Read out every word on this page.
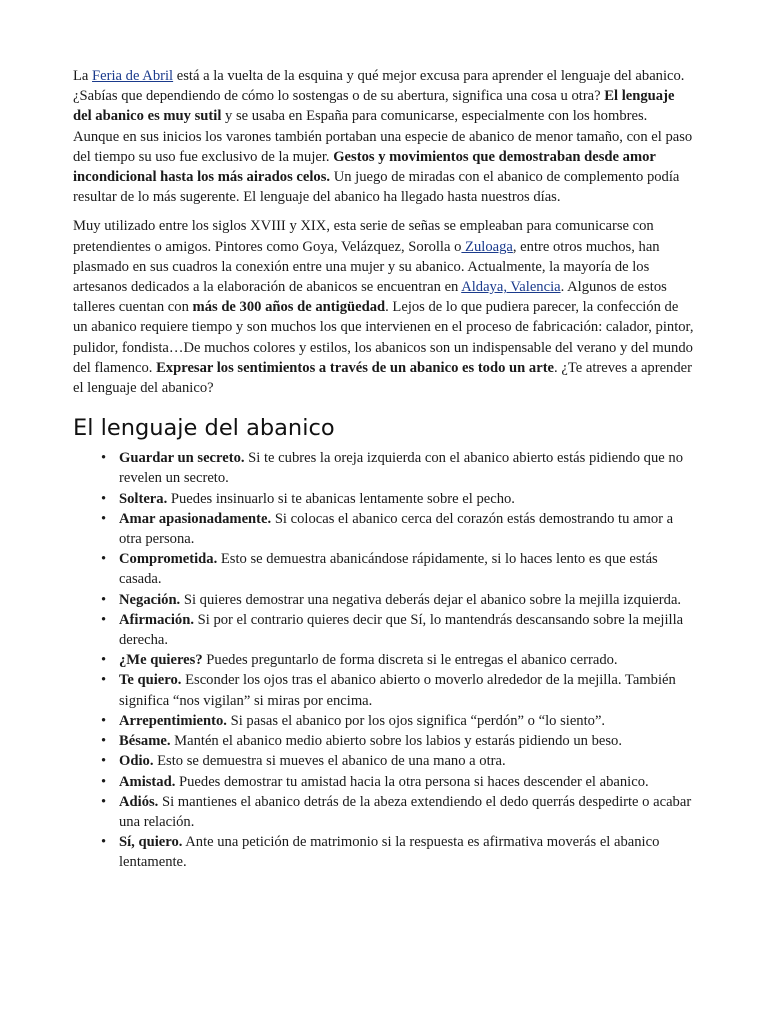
La Feria de Abril está a la vuelta de la esquina y qué mejor excusa para aprender el lenguaje del abanico. ¿Sabías que dependiendo de cómo lo sostengas o de su abertura, significa una cosa u otra? El lenguaje del abanico es muy sutil y se usaba en España para comunicarse, especialmente con los hombres. Aunque en sus inicios los varones también portaban una especie de abanico de menor tamaño, con el paso del tiempo su uso fue exclusivo de la mujer. Gestos y movimientos que demostraban desde amor incondicional hasta los más airados celos. Un juego de miradas con el abanico de complemento podía resultar de lo más sugerente. El lenguaje del abanico ha llegado hasta nuestros días.

Muy utilizado entre los siglos XVIII y XIX, esta serie de señas se empleaban para comunicarse con pretendientes o amigos. Pintores como Goya, Velázquez, Sorolla o Zuloaga, entre otros muchos, han plasmado en sus cuadros la conexión entre una mujer y su abanico. Actualmente, la mayoría de los artesanos dedicados a la elaboración de abanicos se encuentran en Aldaya, Valencia. Algunos de estos talleres cuentan con más de 300 años de antigüedad. Lejos de lo que pudiera parecer, la confección de un abanico requiere tiempo y son muchos los que intervienen en el proceso de fabricación: calador, pintor, pulidor, fondista…De muchos colores y estilos, los abanicos son un indispensable del verano y del mundo del flamenco. Expresar los sentimientos a través de un abanico es todo un arte. ¿Te atreves a aprender el lenguaje del abanico?

El lenguaje del abanico
• Guardar un secreto. Si te cubres la oreja izquierda con el abanico abierto estás pidiendo que no revelen un secreto.
• Soltera. Puedes insinuarlo si te abanicas lentamente sobre el pecho.
• Amar apasionadamente. Si colocas el abanico cerca del corazón estás demostrando tu amor a otra persona.
• Comprometida. Esto se demuestra abanicándose rápidamente, si lo haces lento es que estás casada.
• Negación. Si quieres demostrar una negativa deberás dejar el abanico sobre la mejilla izquierda.
• Afirmación. Si por el contrario quieres decir que Sí, lo mantendrás descansando sobre la mejilla derecha.
• ¿Me quieres? Puedes preguntarlo de forma discreta si le entregas el abanico cerrado.
• Te quiero. Esconder los ojos tras el abanico abierto o moverlo alrededor de la mejilla. También significa “nos vigilan” si miras por encima.
• Arrepentimiento. Si pasas el abanico por los ojos significa “perdón” o “lo siento”.
• Bésame. Mantén el abanico medio abierto sobre los labios y estarás pidiendo un beso.
• Odio. Esto se demuestra si mueves el abanico de una mano a otra.
• Amistad. Puedes demostrar tu amistad hacia la otra persona si haces descender el abanico.
• Adiós. Si mantienes el abanico detrás de la abeza extendiendo el dedo querrás despedirte o acabar una relación.
• Sí, quiero. Ante una petición de matrimonio si la respuesta es afirmativa moverás el abanico lentamente.
